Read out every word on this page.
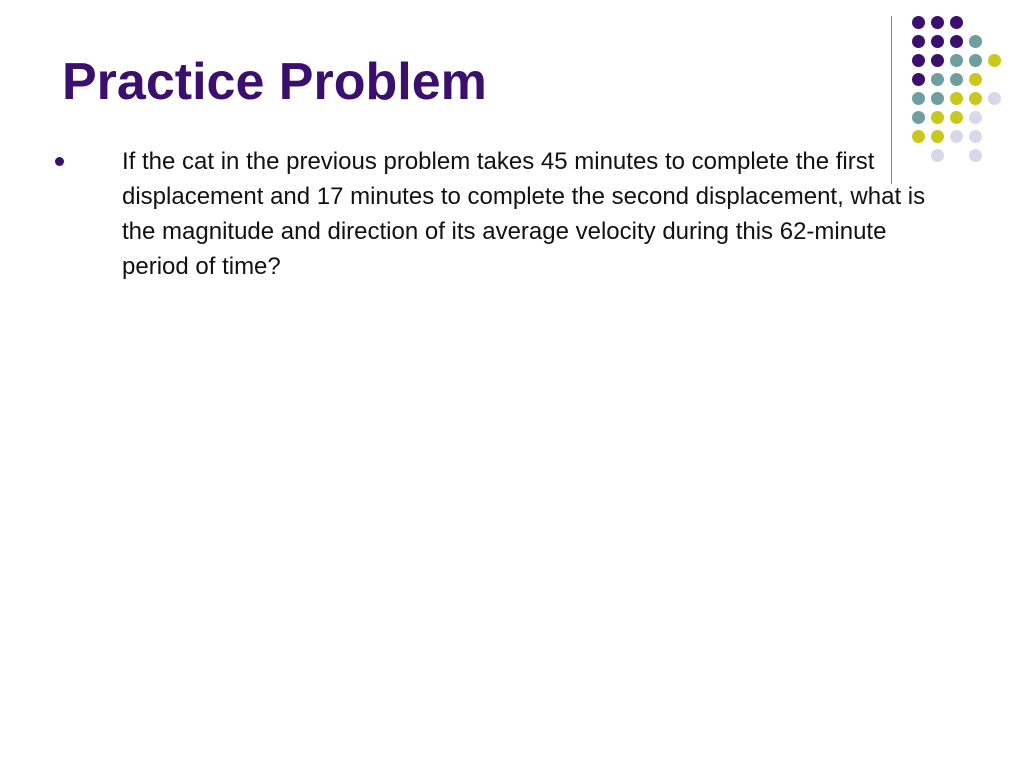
Practice Problem
If the cat in the previous problem takes 45 minutes to complete the first displacement and 17 minutes to complete the second displacement, what is the magnitude and direction of its average velocity during this 62-minute period of time?
